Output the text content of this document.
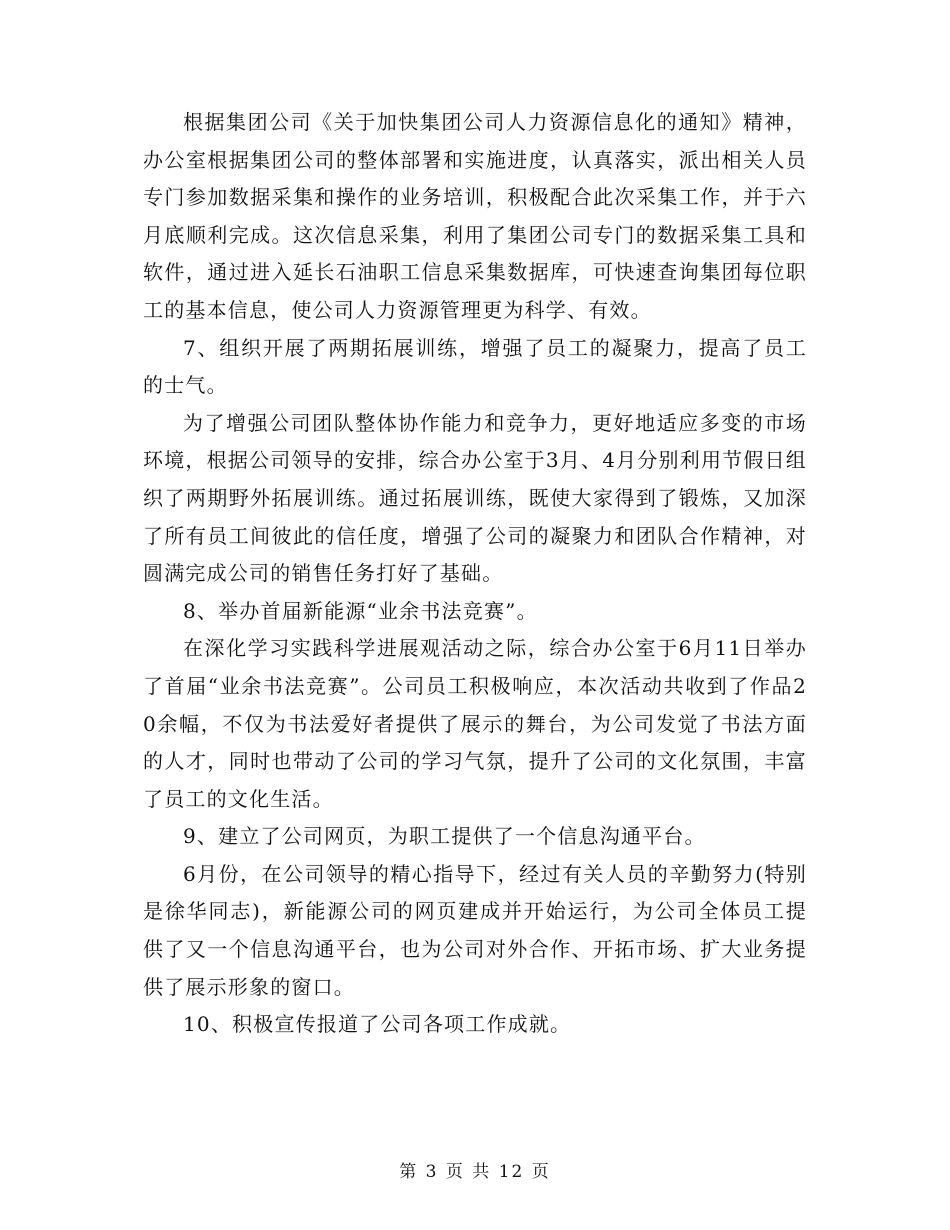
根据集团公司《关于加快集团公司人力资源信息化的通知》精神，办公室根据集团公司的整体部署和实施进度，认真落实，派出相关人员专门参加数据采集和操作的业务培训，积极配合此次采集工作，并于六月底顺利完成。这次信息采集，利用了集团公司专门的数据采集工具和软件，通过进入延长石油职工信息采集数据库，可快速查询集团每位职工的基本信息，使公司人力资源管理更为科学、有效。

7、组织开展了两期拓展训练，增强了员工的凝聚力，提高了员工的士气。

为了增强公司团队整体协作能力和竞争力，更好地适应多变的市场环境，根据公司领导的安排，综合办公室于3月、4月分别利用节假日组织了两期野外拓展训练。通过拓展训练，既使大家得到了锻炼，又加深了所有员工间彼此的信任度，增强了公司的凝聚力和团队合作精神，对圆满完成公司的销售任务打好了基础。

8、举办首届新能源“业余书法竞赛”。

在深化学习实践科学进展观活动之际，综合办公室于6月11日举办了首届“业余书法竞赛”。公司员工积极响应，本次活动共收到了作品20余幅，不仅为书法爱好者提供了展示的舞台，为公司发觉了书法方面的人才，同时也带动了公司的学习气氛，提升了公司的文化氛围，丰富了员工的文化生活。

9、建立了公司网页，为职工提供了一个信息沟通平台。

6月份，在公司领导的精心指导下，经过有关人员的辛勤努力(特别是徐华同志)，新能源公司的网页建成并开始运行，为公司全体员工提供了又一个信息沟通平台，也为公司对外合作、开拓市场、扩大业务提供了展示形象的窗口。

10、积极宣传报道了公司各项工作成就。

第 3 页 共 12 页
